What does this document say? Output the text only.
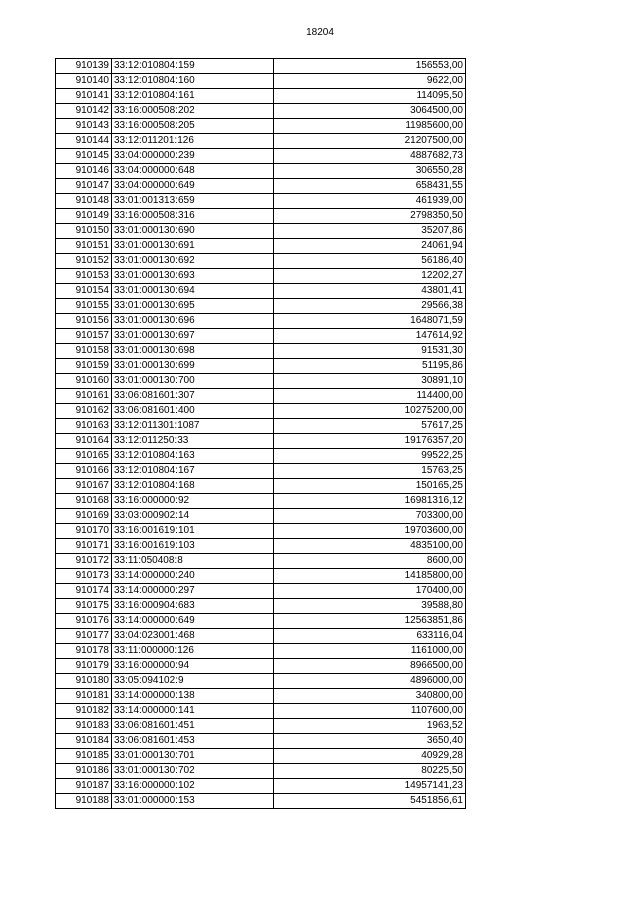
18204
910139	33:12:010804:159	156553,00
910140	33:12:010804:160	9622,00
910141	33:12:010804:161	114095,50
910142	33:16:000508:202	3064500,00
910143	33:16:000508:205	11985600,00
910144	33:12:011201:126	21207500,00
910145	33:04:000000:239	4887682,73
910146	33:04:000000:648	306550,28
910147	33:04:000000:649	658431,55
910148	33:01:001313:659	461939,00
910149	33:16:000508:316	2798350,50
910150	33:01:000130:690	35207,86
910151	33:01:000130:691	24061,94
910152	33:01:000130:692	56186,40
910153	33:01:000130:693	12202,27
910154	33:01:000130:694	43801,41
910155	33:01:000130:695	29566,38
910156	33:01:000130:696	1648071,59
910157	33:01:000130:697	147614,92
910158	33:01:000130:698	91531,30
910159	33:01:000130:699	51195,86
910160	33:01:000130:700	30891,10
910161	33:06:081601:307	114400,00
910162	33:06:081601:400	10275200,00
910163	33:12:011301:1087	57617,25
910164	33:12:011250:33	19176357,20
910165	33:12:010804:163	99522,25
910166	33:12:010804:167	15763,25
910167	33:12:010804:168	150165,25
910168	33:16:000000:92	16981316,12
910169	33:03:000902:14	703300,00
910170	33:16:001619:101	19703600,00
910171	33:16:001619:103	4835100,00
910172	33:11:050408:8	8600,00
910173	33:14:000000:240	14185800,00
910174	33:14:000000:297	170400,00
910175	33:16:000904:683	39588,80
910176	33:14:000000:649	12563851,86
910177	33:04:023001:468	633116,04
910178	33:11:000000:126	1161000,00
910179	33:16:000000:94	8966500,00
910180	33:05:094102:9	4896000,00
910181	33:14:000000:138	340800,00
910182	33:14:000000:141	1107600,00
910183	33:06:081601:451	1963,52
910184	33:06:081601:453	3650,40
910185	33:01:000130:701	40929,28
910186	33:01:000130:702	80225,50
910187	33:16:000000:102	14957141,23
910188	33:01:000000:153	5451856,61
